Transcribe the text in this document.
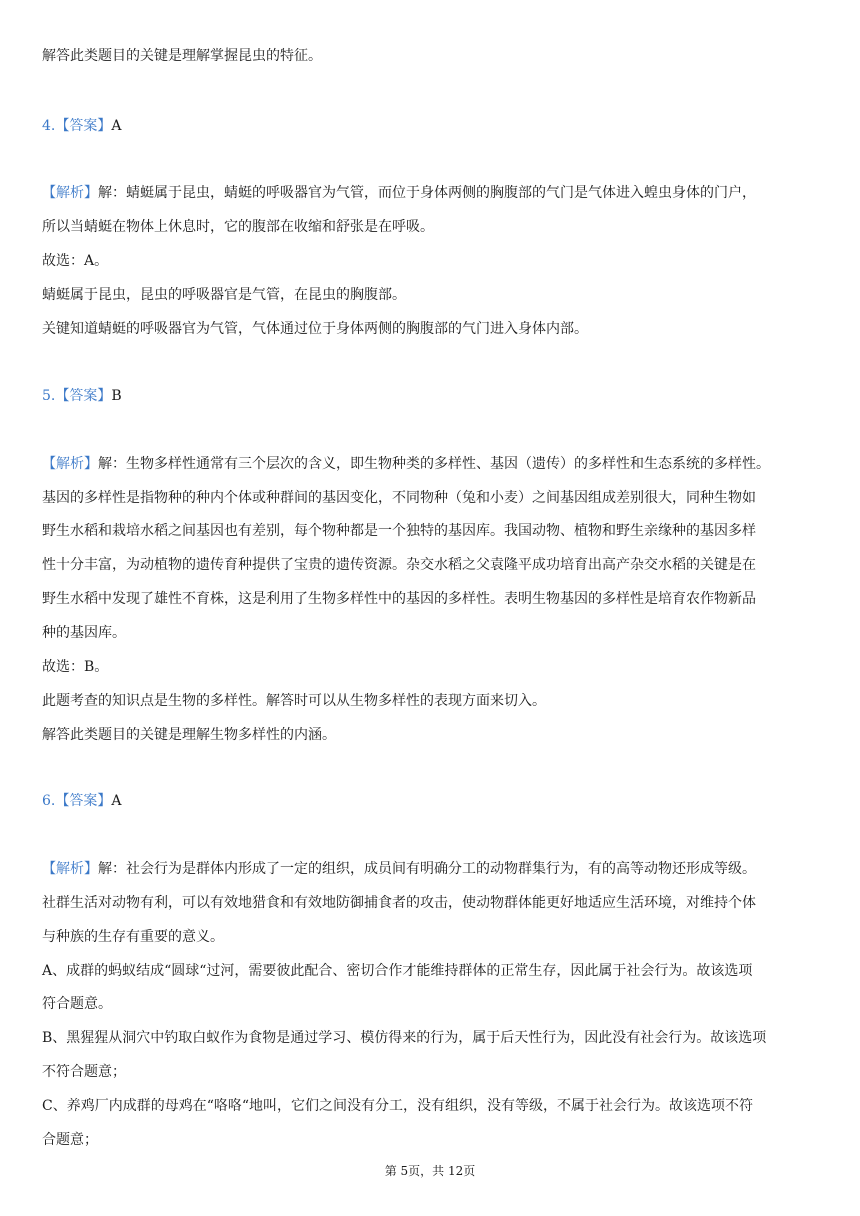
解答此类题目的关键是理解掌握昆虫的特征。
4.【答案】A
【解析】解：蜻蜓属于昆虫，蜻蜓的呼吸器官为气管，而位于身体两侧的胸腹部的气门是气体进入蝗虫身体的门户，
所以当蜻蜓在物体上休息时，它的腹部在收缩和舒张是在呼吸。
故选：A。
蜻蜓属于昆虫，昆虫的呼吸器官是气管，在昆虫的胸腹部。
关键知道蜻蜓的呼吸器官为气管，气体通过位于身体两侧的胸腹部的气门进入身体内部。
5.【答案】B
【解析】解：生物多样性通常有三个层次的含义，即生物种类的多样性、基因（遗传）的多样性和生态系统的多样性。
基因的多样性是指物种的种内个体或种群间的基因变化，不同物种（兔和小麦）之间基因组成差别很大，同种生物如
野生水稻和栽培水稻之间基因也有差别，每个物种都是一个独特的基因库。我国动物、植物和野生亲缘种的基因多样
性十分丰富，为动植物的遗传育种提供了宝贵的遗传资源。杂交水稻之父袁隆平成功培育出高产杂交水稻的关键是在
野生水稻中发现了雄性不育株，这是利用了生物多样性中的基因的多样性。表明生物基因的多样性是培育农作物新品
种的基因库。
故选：B。
此题考查的知识点是生物的多样性。解答时可以从生物多样性的表现方面来切入。
解答此类题目的关键是理解生物多样性的内涵。
6.【答案】A
【解析】解：社会行为是群体内形成了一定的组织，成员间有明确分工的动物群集行为，有的高等动物还形成等级。
社群生活对动物有利，可以有效地猎食和有效地防御捕食者的攻击，使动物群体能更好地适应生活环境，对维持个体
与种族的生存有重要的意义。
A、成群的蚂蚁结成“圆球“过河，需要彼此配合、密切合作才能维持群体的正常生存，因此属于社会行为。故该选项
符合题意。
B、黑猩猩从洞穴中钓取白蚁作为食物是通过学习、模仿得来的行为，属于后天性行为，因此没有社会行为。故该选项
不符合题意；
C、养鸡厂内成群的母鸡在“咯咯“地叫，它们之间没有分工，没有组织，没有等级，不属于社会行为。故该选项不符
合题意；
第 5页，共 12页
